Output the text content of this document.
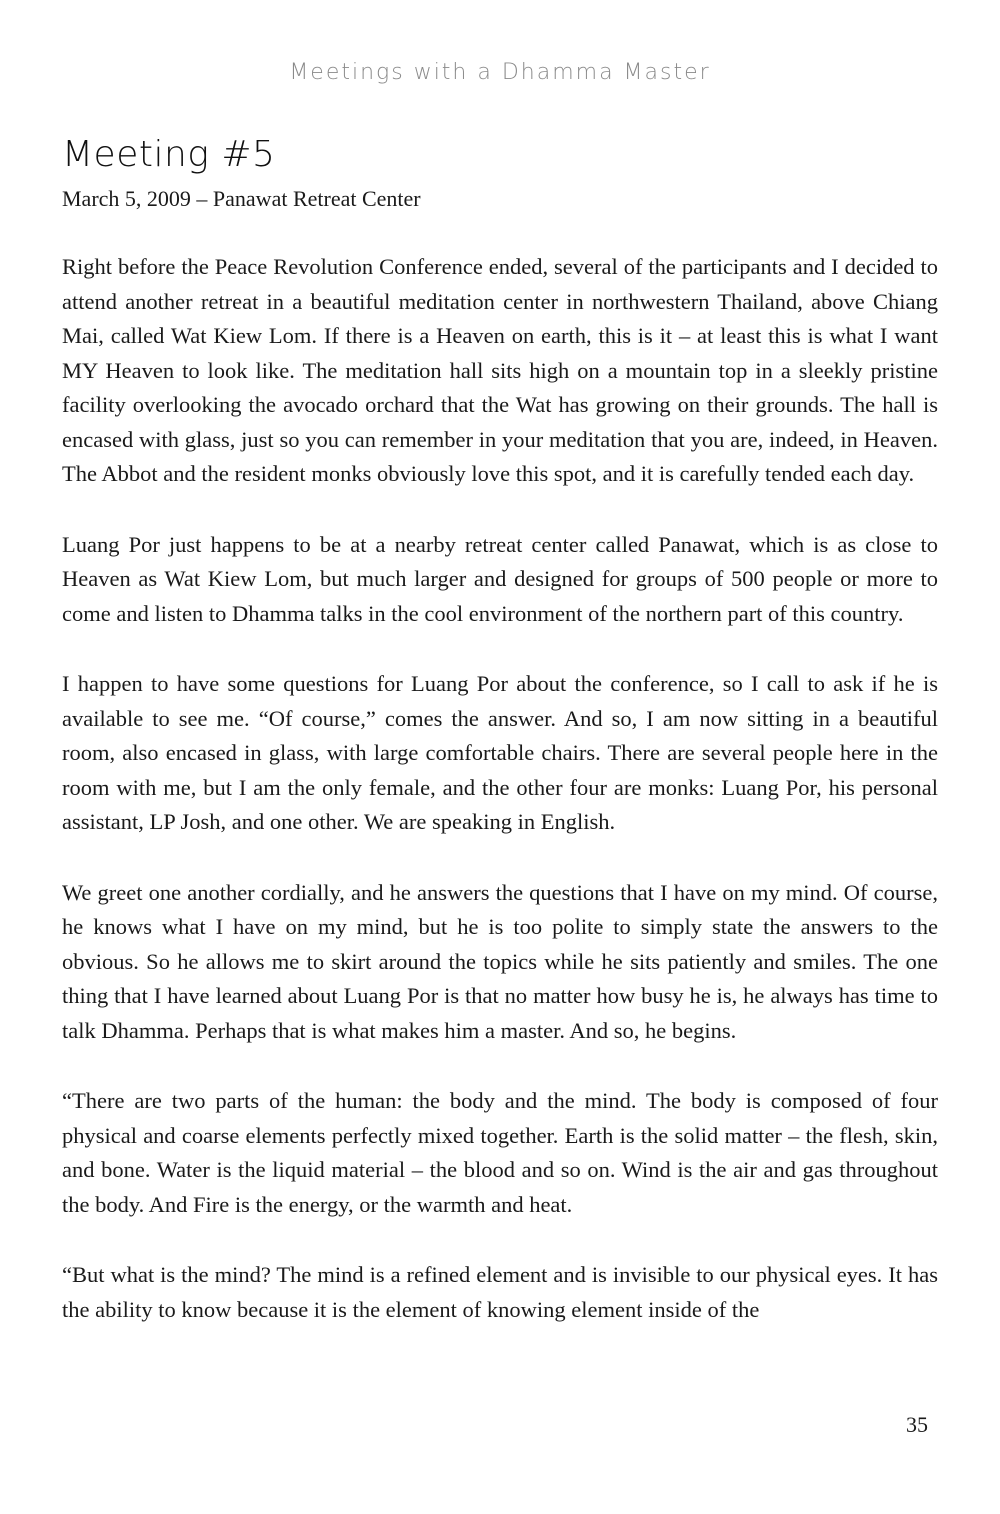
Meetings with a Dhamma Master
Meeting #5
March 5, 2009 – Panawat Retreat Center

Right before the Peace Revolution Conference ended, several of the participants and I decided to attend another retreat in a beautiful meditation center in northwestern Thailand, above Chiang Mai, called Wat Kiew Lom. If there is a Heaven on earth, this is it – at least this is what I want MY Heaven to look like. The meditation hall sits high on a mountain top in a sleekly pristine facility overlooking the avocado orchard that the Wat has growing on their grounds. The hall is encased with glass, just so you can remember in your meditation that you are, indeed, in Heaven. The Abbot and the resident monks obviously love this spot, and it is carefully tended each day.

Luang Por just happens to be at a nearby retreat center called Panawat, which is as close to Heaven as Wat Kiew Lom, but much larger and designed for groups of 500 people or more to come and listen to Dhamma talks in the cool environment of the northern part of this country.

I happen to have some questions for Luang Por about the conference, so I call to ask if he is available to see me. “Of course,” comes the answer. And so, I am now sitting in a beautiful room, also encased in glass, with large comfortable chairs. There are several people here in the room with me, but I am the only female, and the other four are monks: Luang Por, his personal assistant, LP Josh, and one other. We are speaking in English.

We greet one another cordially, and he answers the questions that I have on my mind. Of course, he knows what I have on my mind, but he is too polite to simply state the answers to the obvious. So he allows me to skirt around the topics while he sits patiently and smiles. The one thing that I have learned about Luang Por is that no matter how busy he is, he always has time to talk Dhamma. Perhaps that is what makes him a master. And so, he begins.

“There are two parts of the human: the body and the mind. The body is composed of four physical and coarse elements perfectly mixed together. Earth is the solid matter – the flesh, skin, and bone. Water is the liquid material – the blood and so on. Wind is the air and gas throughout the body. And Fire is the energy, or the warmth and heat.

“But what is the mind? The mind is a refined element and is invisible to our physical eyes. It has the ability to know because it is the element of knowing element inside of the

35
